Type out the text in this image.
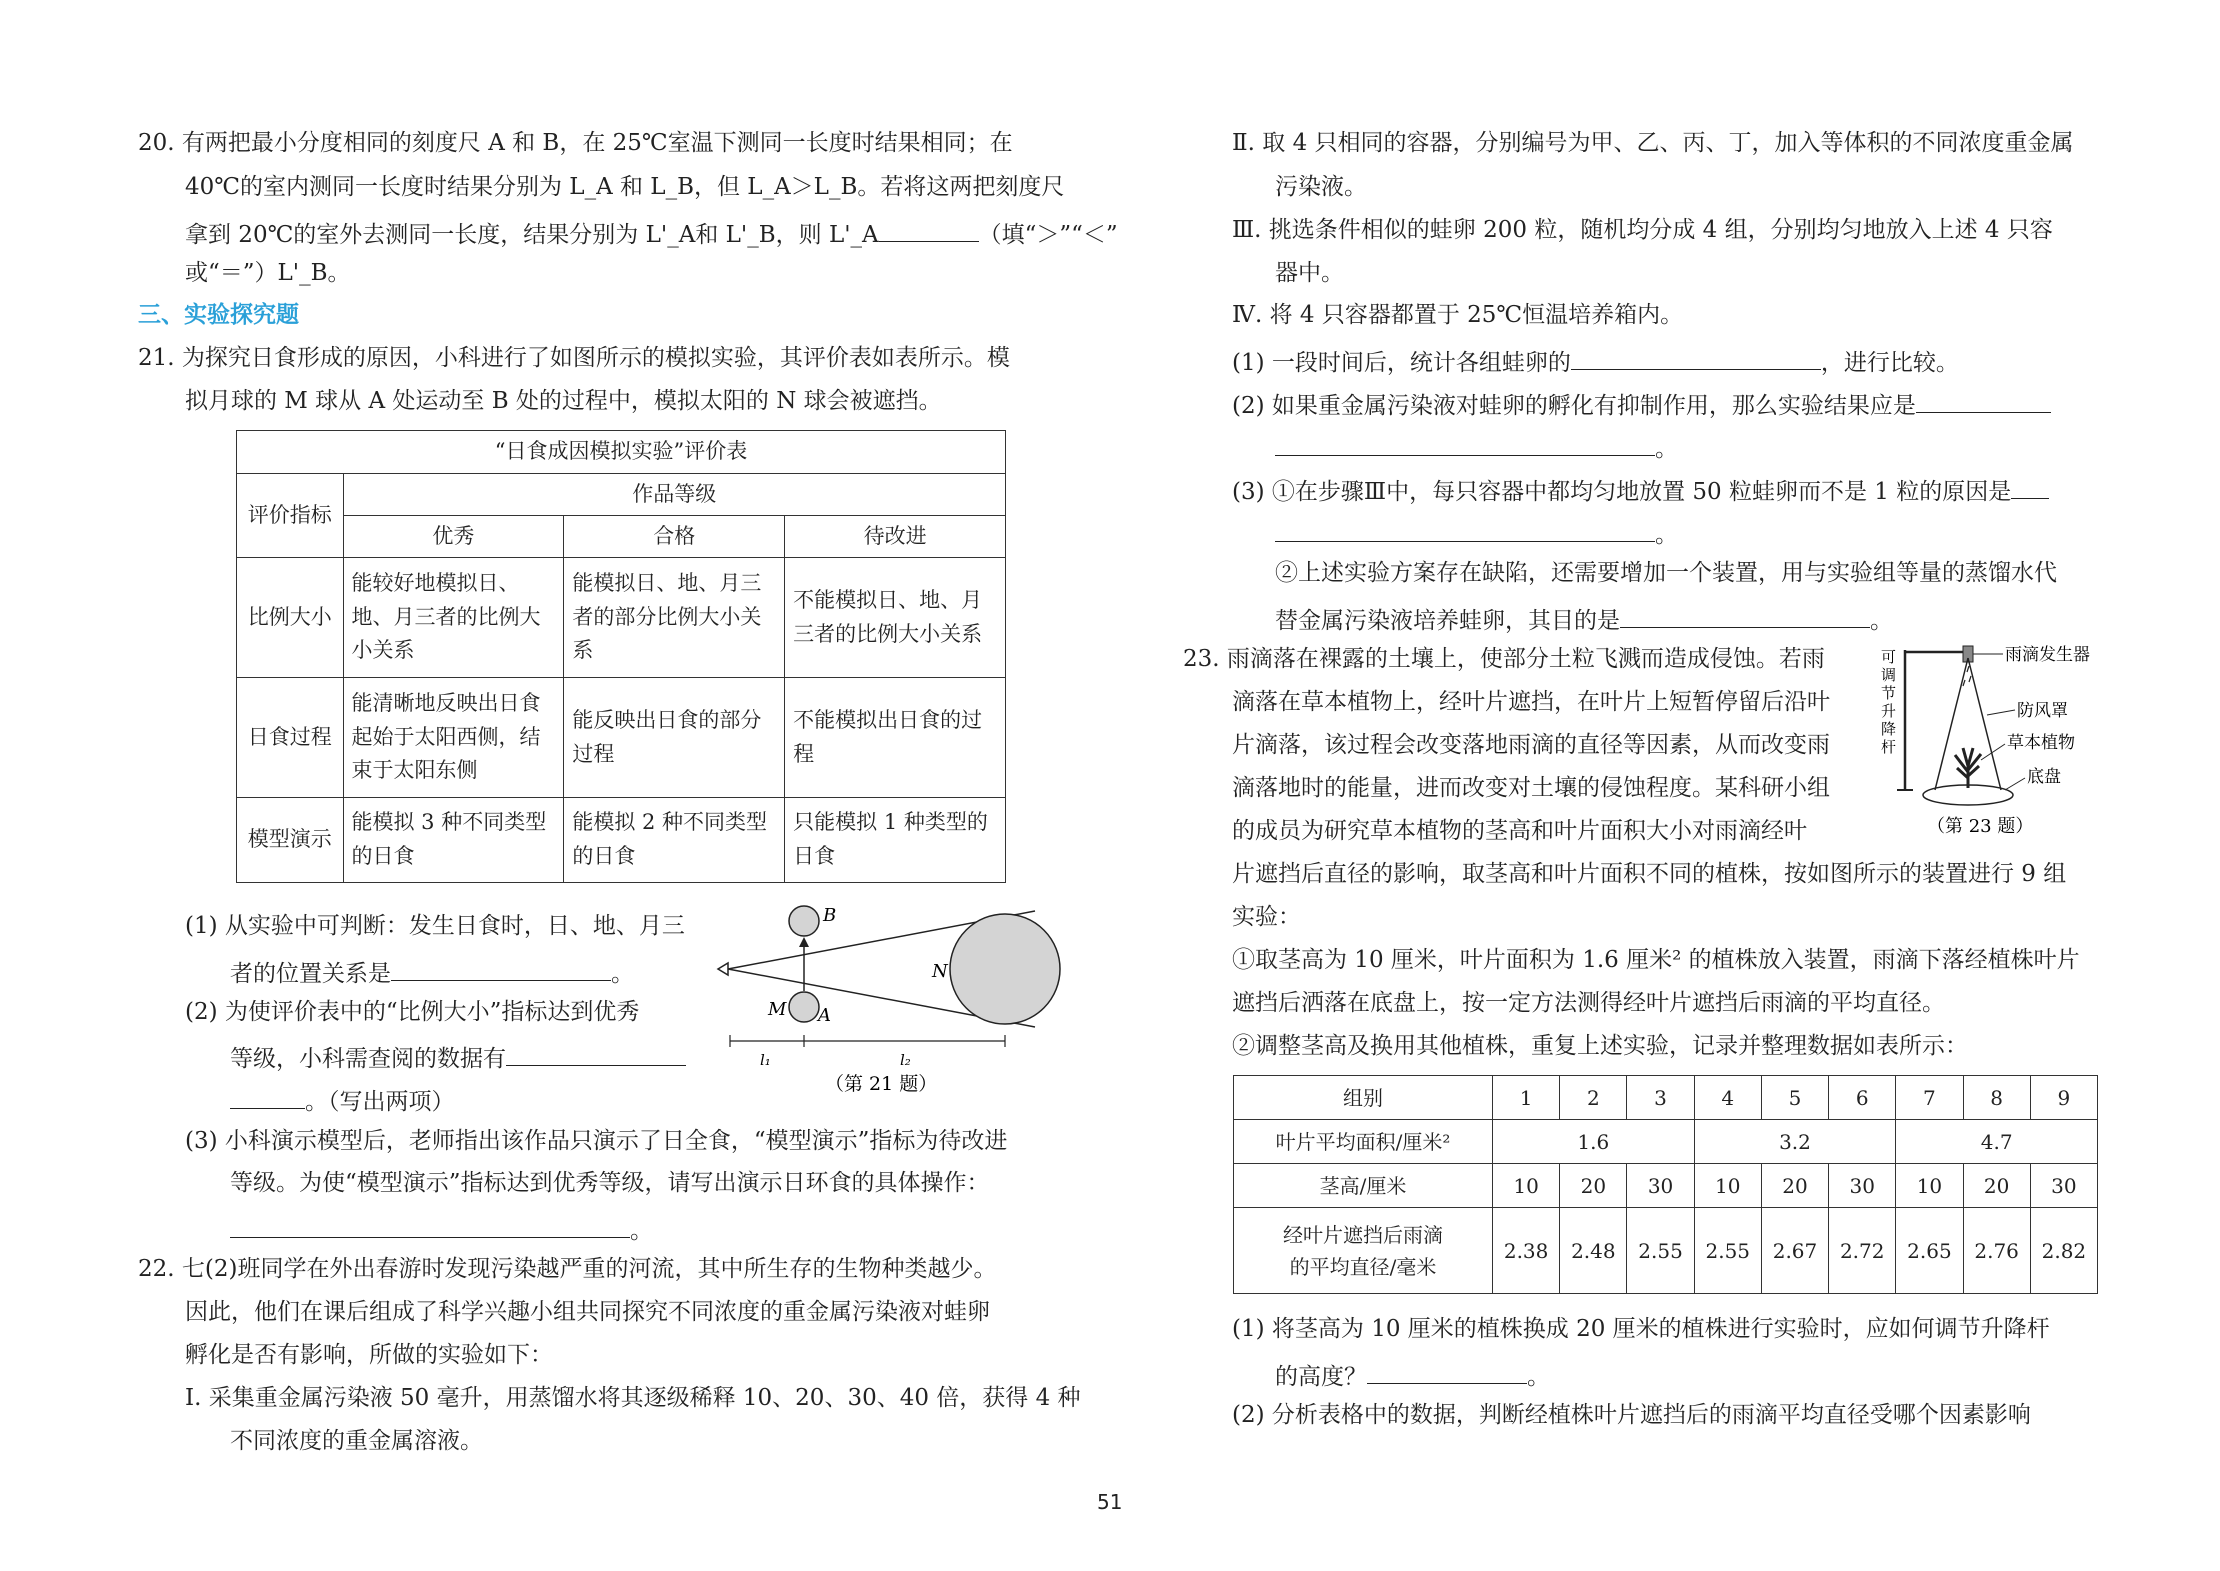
20. 有两把最小分度相同的刻度尺 A 和 B，在 25℃室温下测同一长度时结果相同；在
40℃的室内测同一长度时结果分别为 L_A 和 L_B，但 L_A＞L_B。若将这两把刻度尺
拿到 20℃的室外去测同一长度，结果分别为 L'_A和 L'_B，则 L'_A	（填“＞”“＜”
或“＝”）L'_B。
三、实验探究题
21. 为探究日食形成的原因，小科进行了如图所示的模拟实验，其评价表如表所示。模
拟月球的 M 球从 A 处运动至 B 处的过程中，模拟太阳的 N 球会被遮挡。
“日食成因模拟实验”评价表			
评价指标	作品等级		
	优秀	合格	待改进
比例大小	能较好地模拟日、地、月三者的比例大小关系	能模拟日、地、月三者的部分比例大小关系	不能模拟日、地、月三者的比例大小关系
日食过程	能清晰地反映出日食起始于太阳西侧，结束于太阳东侧	能反映出日食的部分过程	不能模拟出日食的过程
模型演示	能模拟 3 种不同类型的日食	能模拟 2 种不同类型的日食	只能模拟 1 种类型的日食
(1) 从实验中可判断：发生日食时，日、地、月三
者的位置关系是	。
(2) 为使评价表中的“比例大小”指标达到优秀
等级，小科需查阅的数据有
。（写出两项）
B
N
M A
l₁	l₂
（第 21 题）
(3) 小科演示模型后，老师指出该作品只演示了日全食，“模型演示”指标为待改进
等级。为使“模型演示”指标达到优秀等级，请写出演示日环食的具体操作：
。
22. 七(2)班同学在外出春游时发现污染越严重的河流，其中所生存的生物种类越少。
因此，他们在课后组成了科学兴趣小组共同探究不同浓度的重金属污染液对蛙卵
孵化是否有影响，所做的实验如下：
Ⅰ. 采集重金属污染液 50 毫升，用蒸馏水将其逐级稀释 10、20、30、40 倍，获得 4 种
不同浓度的重金属溶液。
Ⅱ. 取 4 只相同的容器，分别编号为甲、乙、丙、丁，加入等体积的不同浓度重金属
污染液。
Ⅲ. 挑选条件相似的蛙卵 200 粒，随机均分成 4 组，分别均匀地放入上述 4 只容
器中。
Ⅳ. 将 4 只容器都置于 25℃恒温培养箱内。
(1) 一段时间后，统计各组蛙卵的	，进行比较。
(2) 如果重金属污染液对蛙卵的孵化有抑制作用，那么实验结果应是
。
(3) ①在步骤Ⅲ中，每只容器中都均匀地放置 50 粒蛙卵而不是 1 粒的原因是
。
②上述实验方案存在缺陷，还需要增加一个装置，用与实验组等量的蒸馏水代
替金属污染液培养蛙卵，其目的是	。
23. 雨滴落在裸露的土壤上，使部分土粒飞溅而造成侵蚀。若雨
滴落在草本植物上，经叶片遮挡，在叶片上短暂停留后沿叶
片滴落，该过程会改变落地雨滴的直径等因素，从而改变雨
滴落地时的能量，进而改变对土壤的侵蚀程度。某科研小组
的成员为研究草本植物的茎高和叶片面积大小对雨滴经叶
片遮挡后直径的影响，取茎高和叶片面积不同的植株，按如图所示的装置进行 9 组
实验：
①取茎高为 10 厘米，叶片面积为 1.6 厘米² 的植株放入装置，雨滴下落经植株叶片
遮挡后洒落在底盘上，按一定方法测得经叶片遮挡后雨滴的平均直径。
②调整茎高及换用其他植株，重复上述实验，记录并整理数据如表所示：
可
调
节
升
降
杆
雨滴发生器
防风罩
草本植物
底盘
（第 23 题）
组别	1	2	3	4	5	6	7	8	9
叶片平均面积/厘米²	1.6			3.2			4.7		
茎高/厘米	10	20	30	10	20	30	10	20	30

经叶片遮挡后雨滴
的平均直径/毫米	2.38	2.48	2.55	2.55	2.67	2.72	2.65	2.76	2.82
(1) 将茎高为 10 厘米的植株换成 20 厘米的植株进行实验时，应如何调节升降杆
的高度？	。
(2) 分析表格中的数据，判断经植株叶片遮挡后的雨滴平均直径受哪个因素影响
51
